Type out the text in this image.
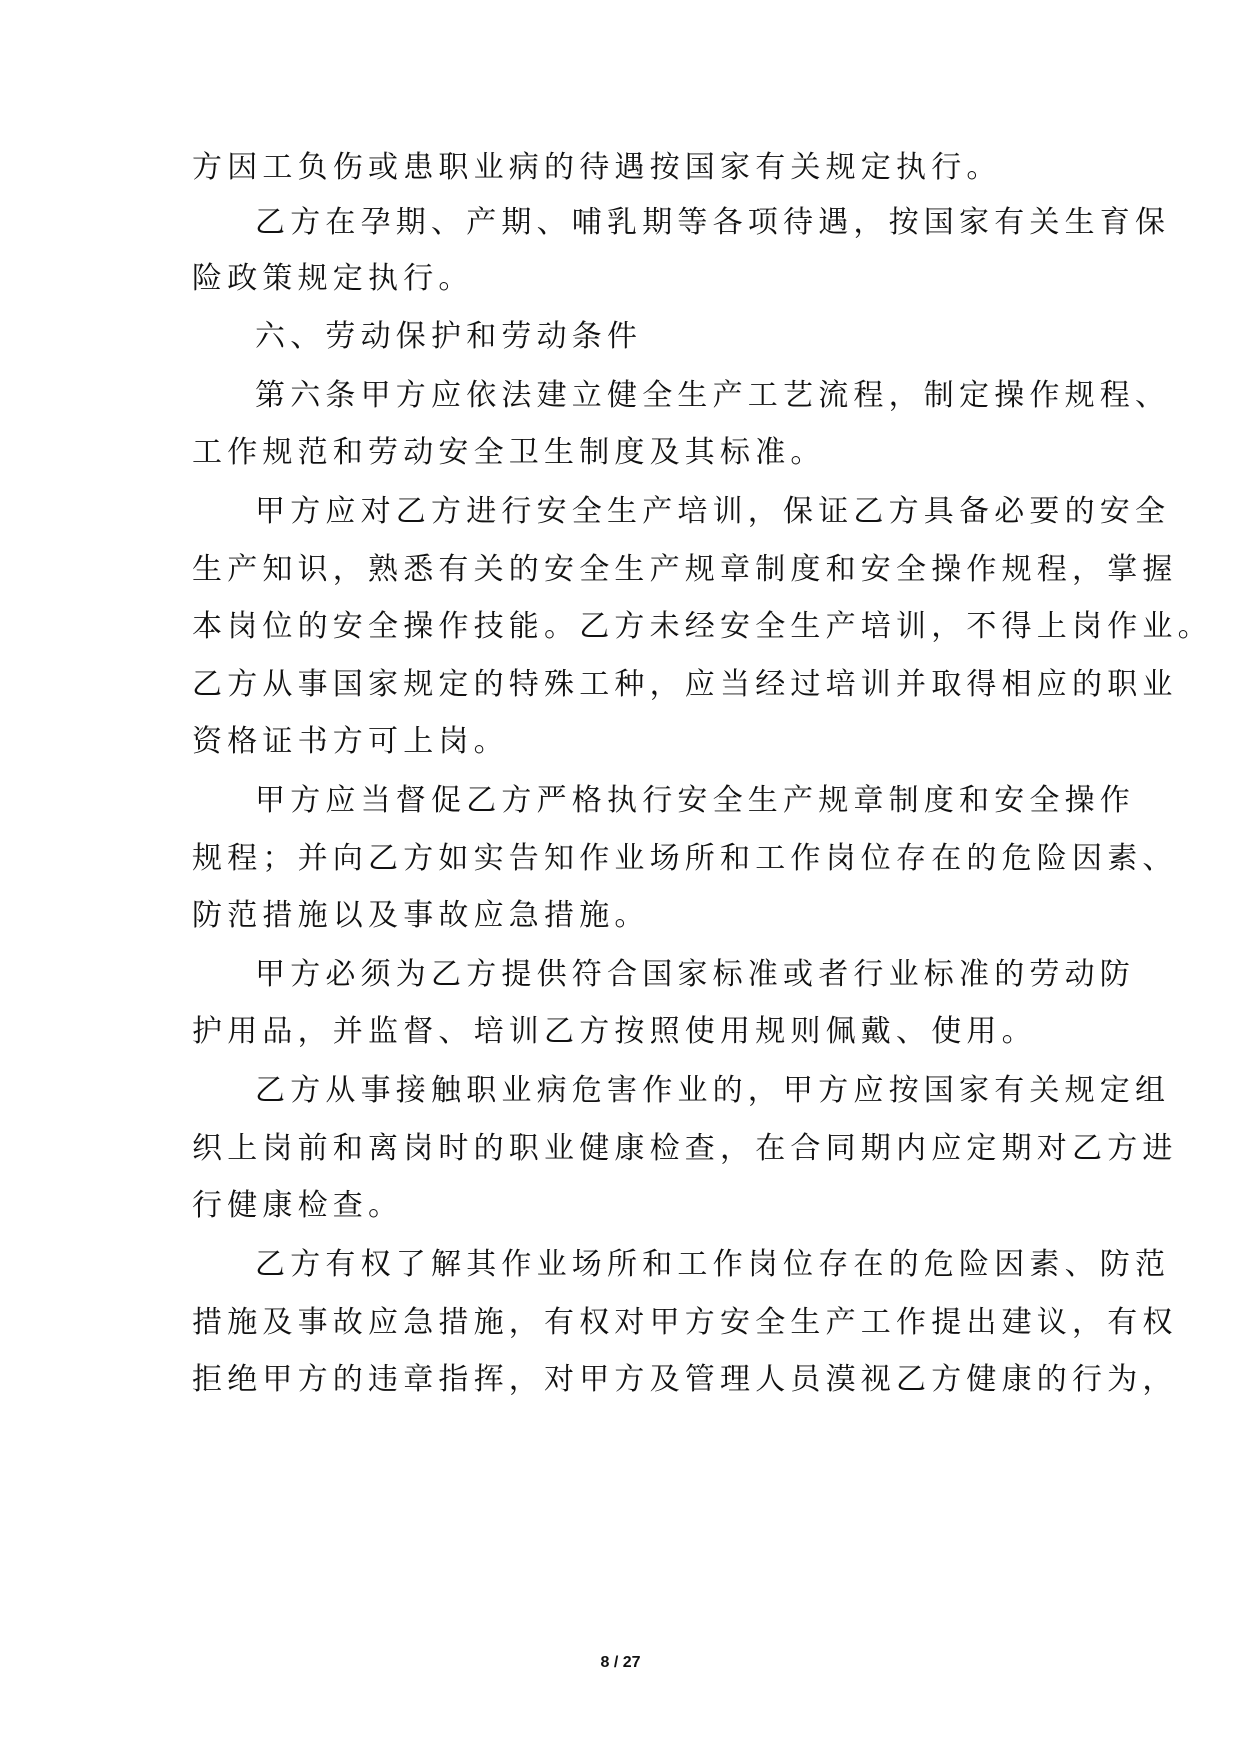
方因工负伤或患职业病的待遇按国家有关规定执行。
乙方在孕期、产期、哺乳期等各项待遇，按国家有关生育保
险政策规定执行。
六、劳动保护和劳动条件
第六条甲方应依法建立健全生产工艺流程，制定操作规程、
工作规范和劳动安全卫生制度及其标准。
甲方应对乙方进行安全生产培训，保证乙方具备必要的安全
生产知识，熟悉有关的安全生产规章制度和安全操作规程，掌握
本岗位的安全操作技能。乙方未经安全生产培训，不得上岗作业。
乙方从事国家规定的特殊工种，应当经过培训并取得相应的职业
资格证书方可上岗。
甲方应当督促乙方严格执行安全生产规章制度和安全操作
规程；并向乙方如实告知作业场所和工作岗位存在的危险因素、
防范措施以及事故应急措施。
甲方必须为乙方提供符合国家标准或者行业标准的劳动防
护用品，并监督、培训乙方按照使用规则佩戴、使用。
乙方从事接触职业病危害作业的，甲方应按国家有关规定组
织上岗前和离岗时的职业健康检查，在合同期内应定期对乙方进
行健康检查。
乙方有权了解其作业场所和工作岗位存在的危险因素、防范
措施及事故应急措施，有权对甲方安全生产工作提出建议，有权
拒绝甲方的违章指挥，对甲方及管理人员漠视乙方健康的行为，
8 / 27
